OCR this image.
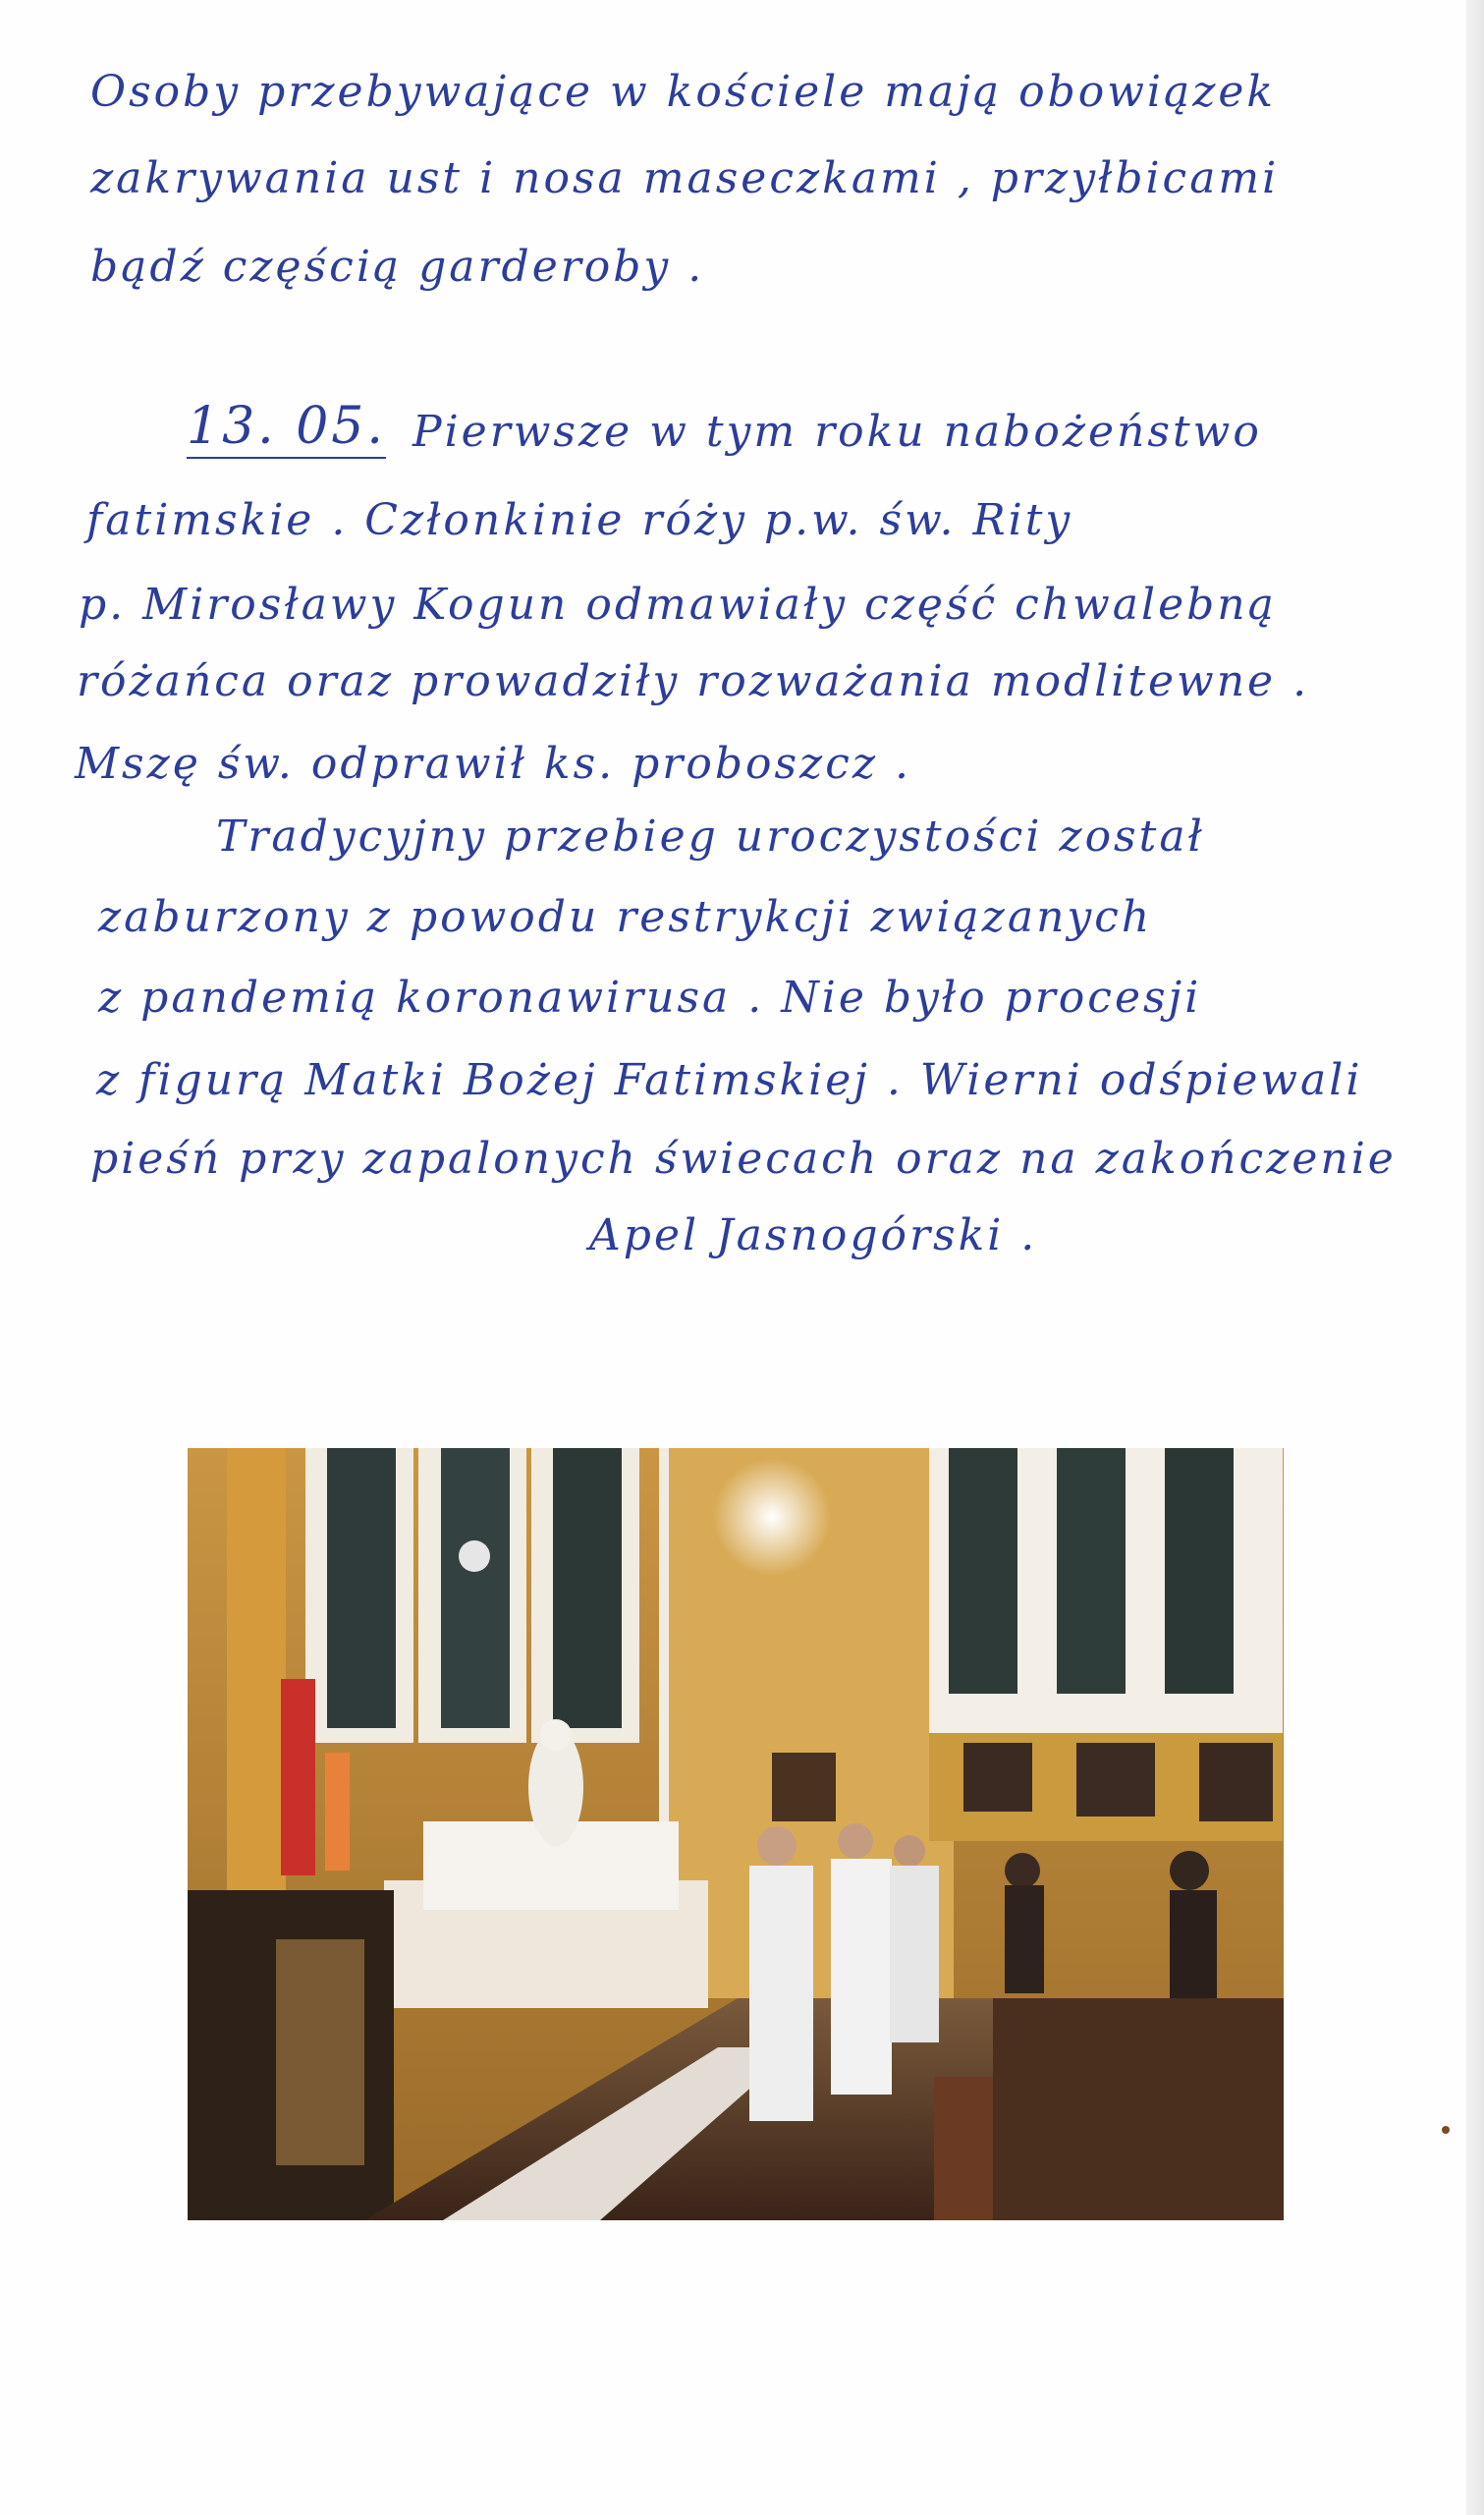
Osoby przebywające w kościele mają obowiązek
zakrywania ust i nosa maseczkami , przyłbicami
bądź częścią garderoby .
13. 05. Pierwsze w tym roku nabożeństwo
fatimskie . Członkinie róży p.w. św. Rity
p. Mirosławy Kogun odmawiały część chwalebną
różańca oraz prowadziły rozważania modlitewne .
Mszę św. odprawił ks. proboszcz .
Tradycyjny przebieg uroczystości został
zaburzony z powodu restrykcji związanych
z pandemią koronawirusa . Nie było procesji
z figurą Matki Bożej Fatimskiej . Wierni odśpiewali
pieśń przy zapalonych świecach oraz na zakończenie
Apel Jasnogórski .
